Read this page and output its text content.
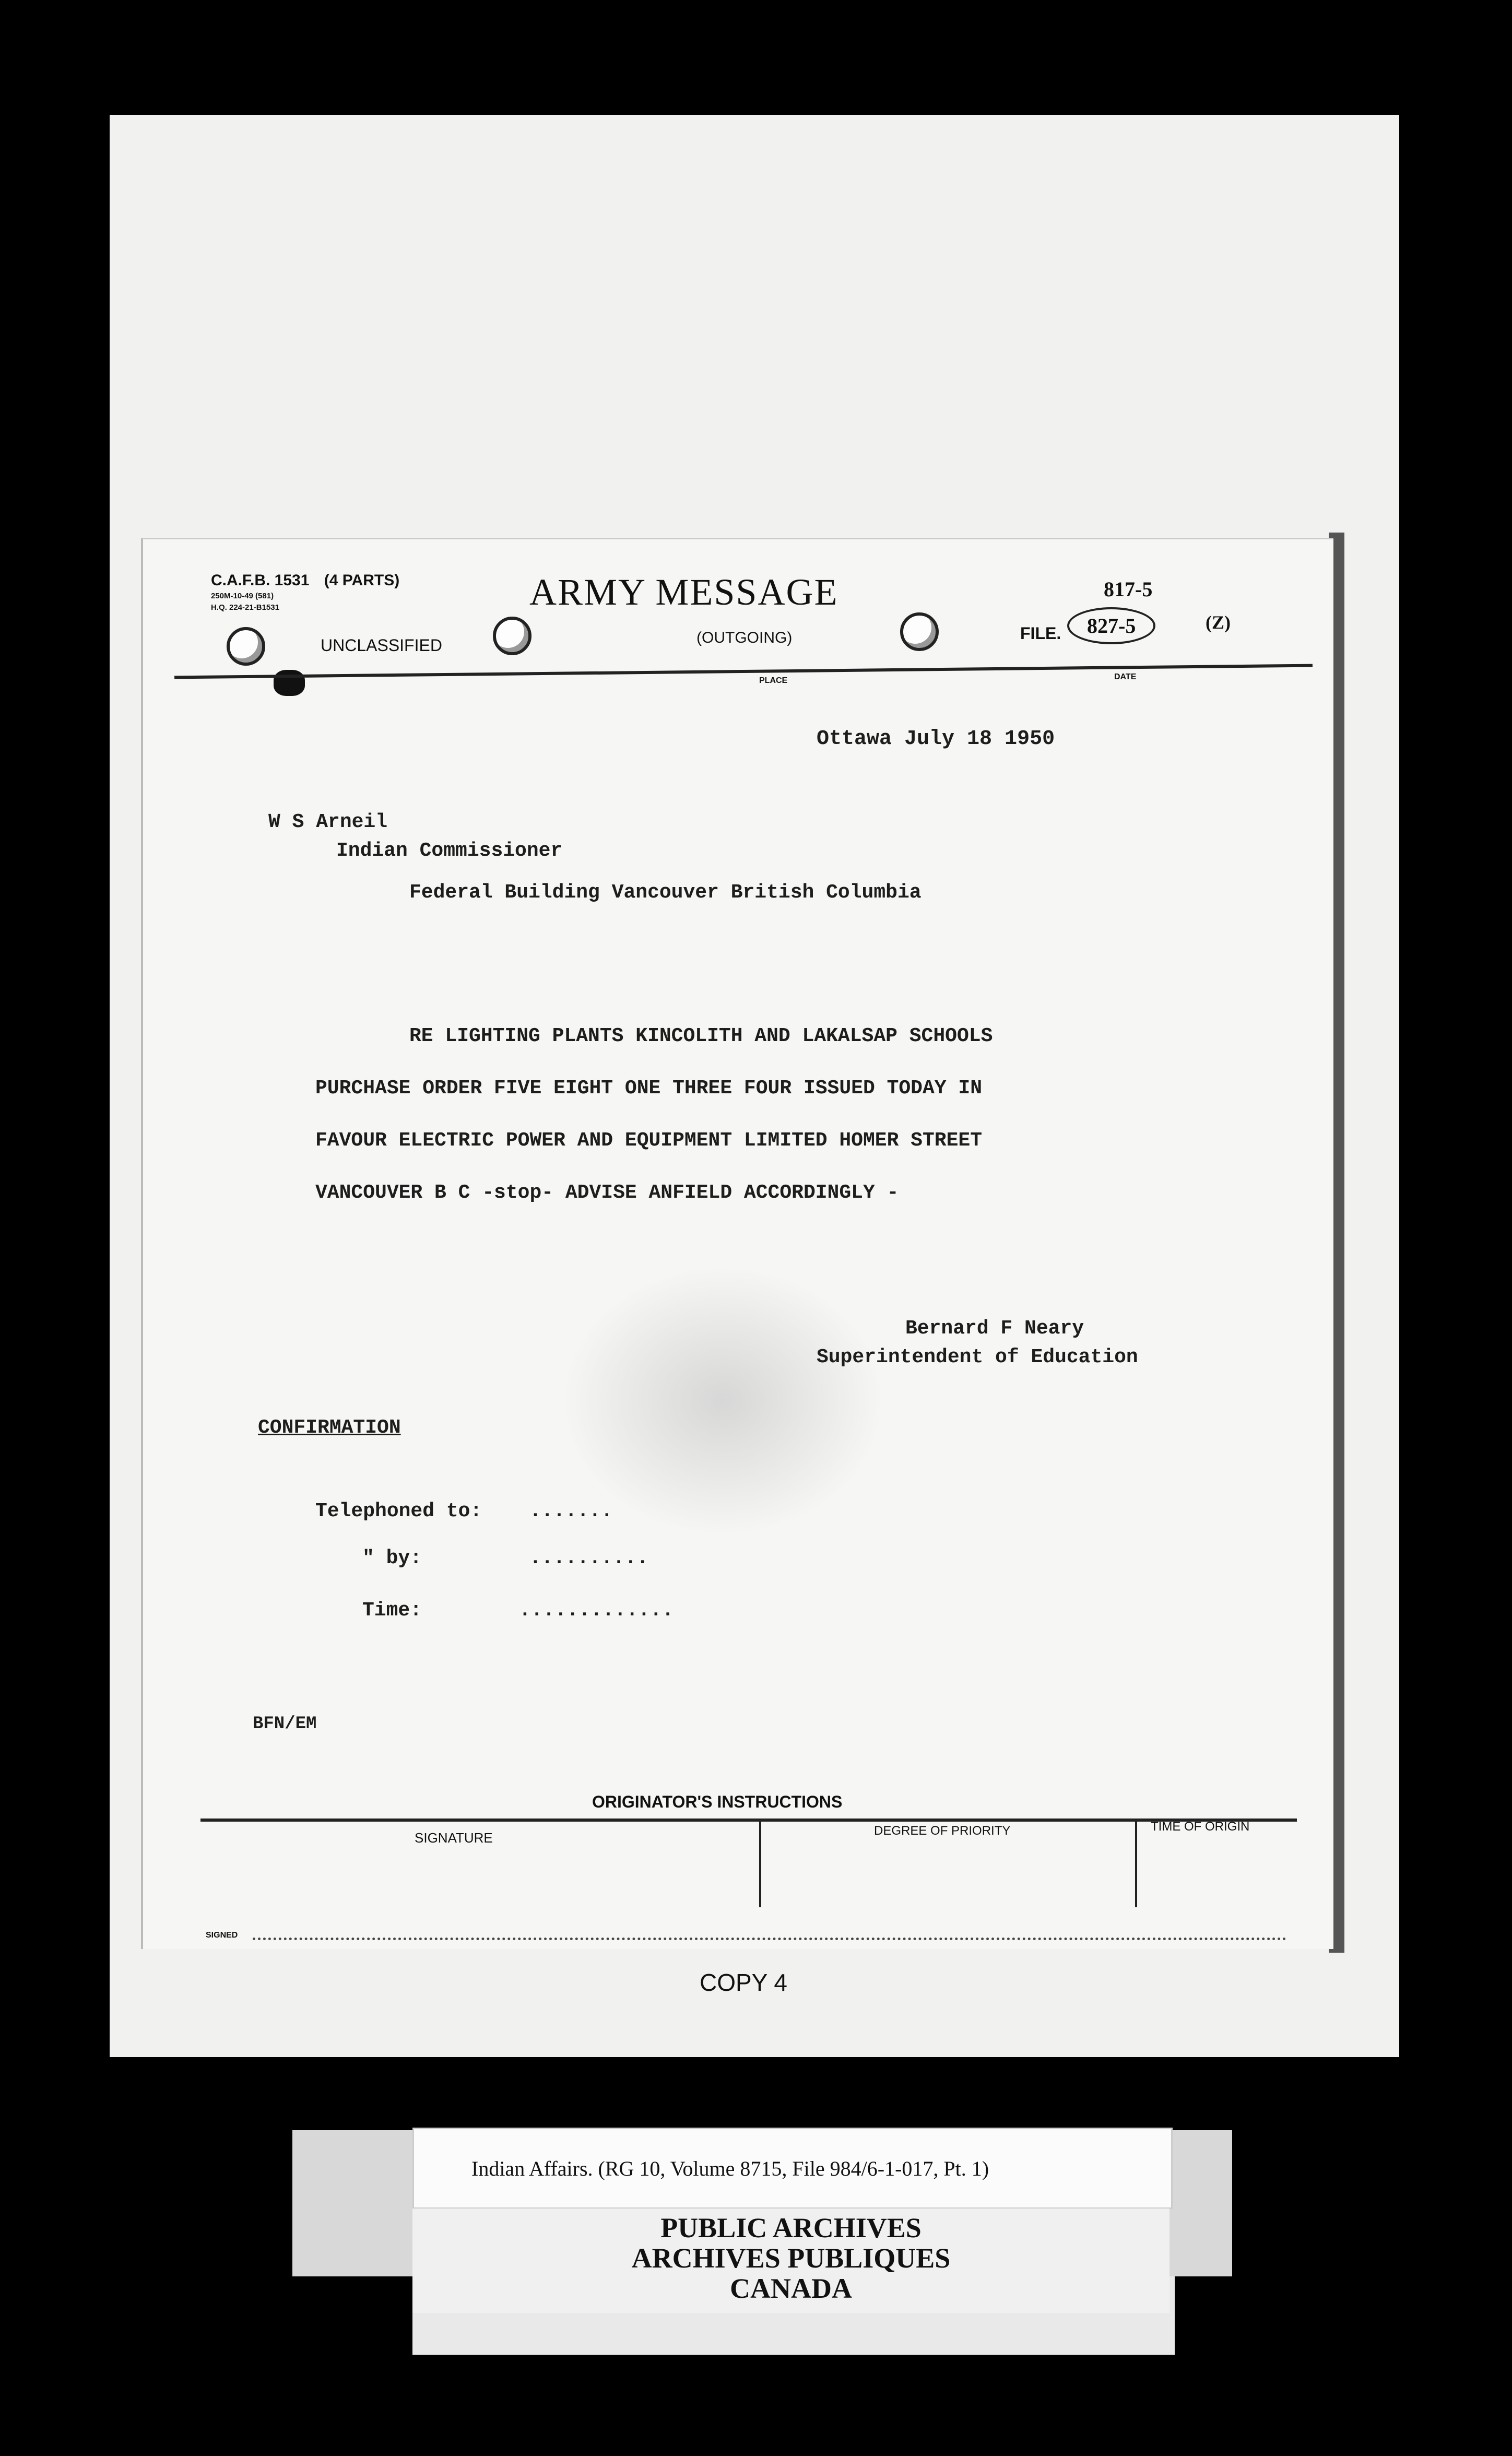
C.A.F.B. 1531 (4 PARTS)
250M-10-49 (581)
H.Q. 224-21-B1531	ARMY MESSAGE
(OUTGOING)
UNCLASSIFIED
FILE.
817-5
827-5	(Z)
PLACE	DATE
Ottawa July 18 1950
W S Arneil
Indian Commissioner
Federal Building Vancouver British Columbia
RE LIGHTING PLANTS KINCOLITH AND LAKALSAP SCHOOLS
PURCHASE ORDER FIVE EIGHT ONE THREE FOUR ISSUED TODAY IN
FAVOUR ELECTRIC POWER AND EQUIPMENT LIMITED HOMER STREET
VANCOUVER B C -stop- ADVISE ANFIELD ACCORDINGLY -
Bernard F Neary
Superintendent of Education
CONFIRMATION
Telephoned to: .......
" by:	..........
Time:	.............
BFN/EM
ORIGINATOR'S INSTRUCTIONS
SIGNATURE	DEGREE OF PRIORITY	TIME OF ORIGIN
SIGNED
COPY 4
Indian Affairs. (RG 10, Volume 8715, File 984/6-1-017, Pt. 1)
PUBLIC ARCHIVES
ARCHIVES PUBLIQUES
CANADA
